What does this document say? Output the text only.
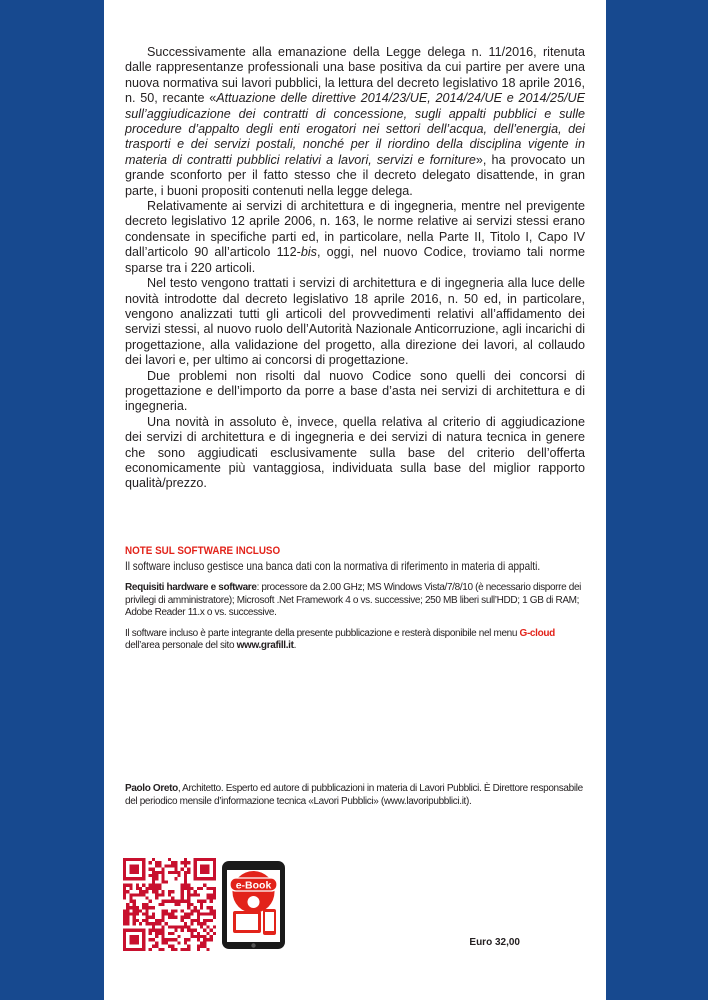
Successivamente alla emanazione della Legge delega n. 11/2016, ritenuta dalle rappresentanze professionali una base positiva da cui partire per avere una nuova normativa sui lavori pubblici, la lettura del decreto legislativo 18 aprile 2016, n. 50, recante «Attuazione delle direttive 2014/23/UE, 2014/24/UE e 2014/25/UE sull’aggiudicazione dei contratti di concessione, sugli appalti pubblici e sulle procedure d’appalto degli enti erogatori nei settori dell’acqua, dell’energia, dei trasporti e dei servizi postali, nonché per il riordino della disciplina vigente in materia di contratti pubblici relativi a lavori, servizi e forniture», ha provocato un grande sconforto per il fatto stesso che il decreto delegato disattende, in gran parte, i buoni propositi contenuti nella legge delega.

Relativamente ai servizi di architettura e di ingegneria, mentre nel previgente decreto legislativo 12 aprile 2006, n. 163, le norme relative ai servizi stessi erano condensate in specifiche parti ed, in particolare, nella Parte II, Titolo I, Capo IV dall’articolo 90 all’articolo 112-bis, oggi, nel nuovo Codice, troviamo tali norme sparse tra i 220 articoli.

Nel testo vengono trattati i servizi di architettura e di ingegneria alla luce delle novità introdotte dal decreto legislativo 18 aprile 2016, n. 50 ed, in particolare, vengono analizzati tutti gli articoli del provvedimenti relativi all’affidamento dei servizi stessi, al nuovo ruolo dell’Autorità Nazionale Anticorruzione, agli incarichi di progettazione, alla validazione del progetto, alla direzione dei lavori, al collaudo dei lavori e, per ultimo ai concorsi di progettazione.

Due problemi non risolti dal nuovo Codice sono quelli dei concorsi di progettazione e dell’importo da porre a base d’asta nei servizi di architettura e di ingegneria.

Una novità in assoluto è, invece, quella relativa al criterio di aggiudicazione dei servizi di architettura e di ingegneria e dei servizi di natura tecnica in genere che sono aggiudicati esclusivamente sulla base del criterio dell’offerta economicamente più vantaggiosa, individuata sulla base del miglior rapporto qualità/prezzo.

NOTE SUL SOFTWARE INCLUSO

Il software incluso gestisce una banca dati con la normativa di riferimento in materia di appalti.

Requisiti hardware e software: processore da 2.00 GHz; MS Windows Vista/7/8/10 (è necessario disporre dei privilegi di amministratore); Microsoft .Net Framework 4 o vs. successive; 250 MB liberi sull’HDD; 1 GB di RAM; Adobe Reader 11.x o vs. successive.

Il software incluso è parte integrante della presente pubblicazione e resterà disponibile nel menu G-cloud dell’area personale del sito www.grafill.it.

Paolo Oreto, Architetto. Esperto ed autore di pubblicazioni in materia di Lavori Pubblici. È Direttore responsabile del periodico mensile d’informazione tecnica «Lavori Pubblici» (www.lavoripubblici.it).

e-Book

Euro 32,00
